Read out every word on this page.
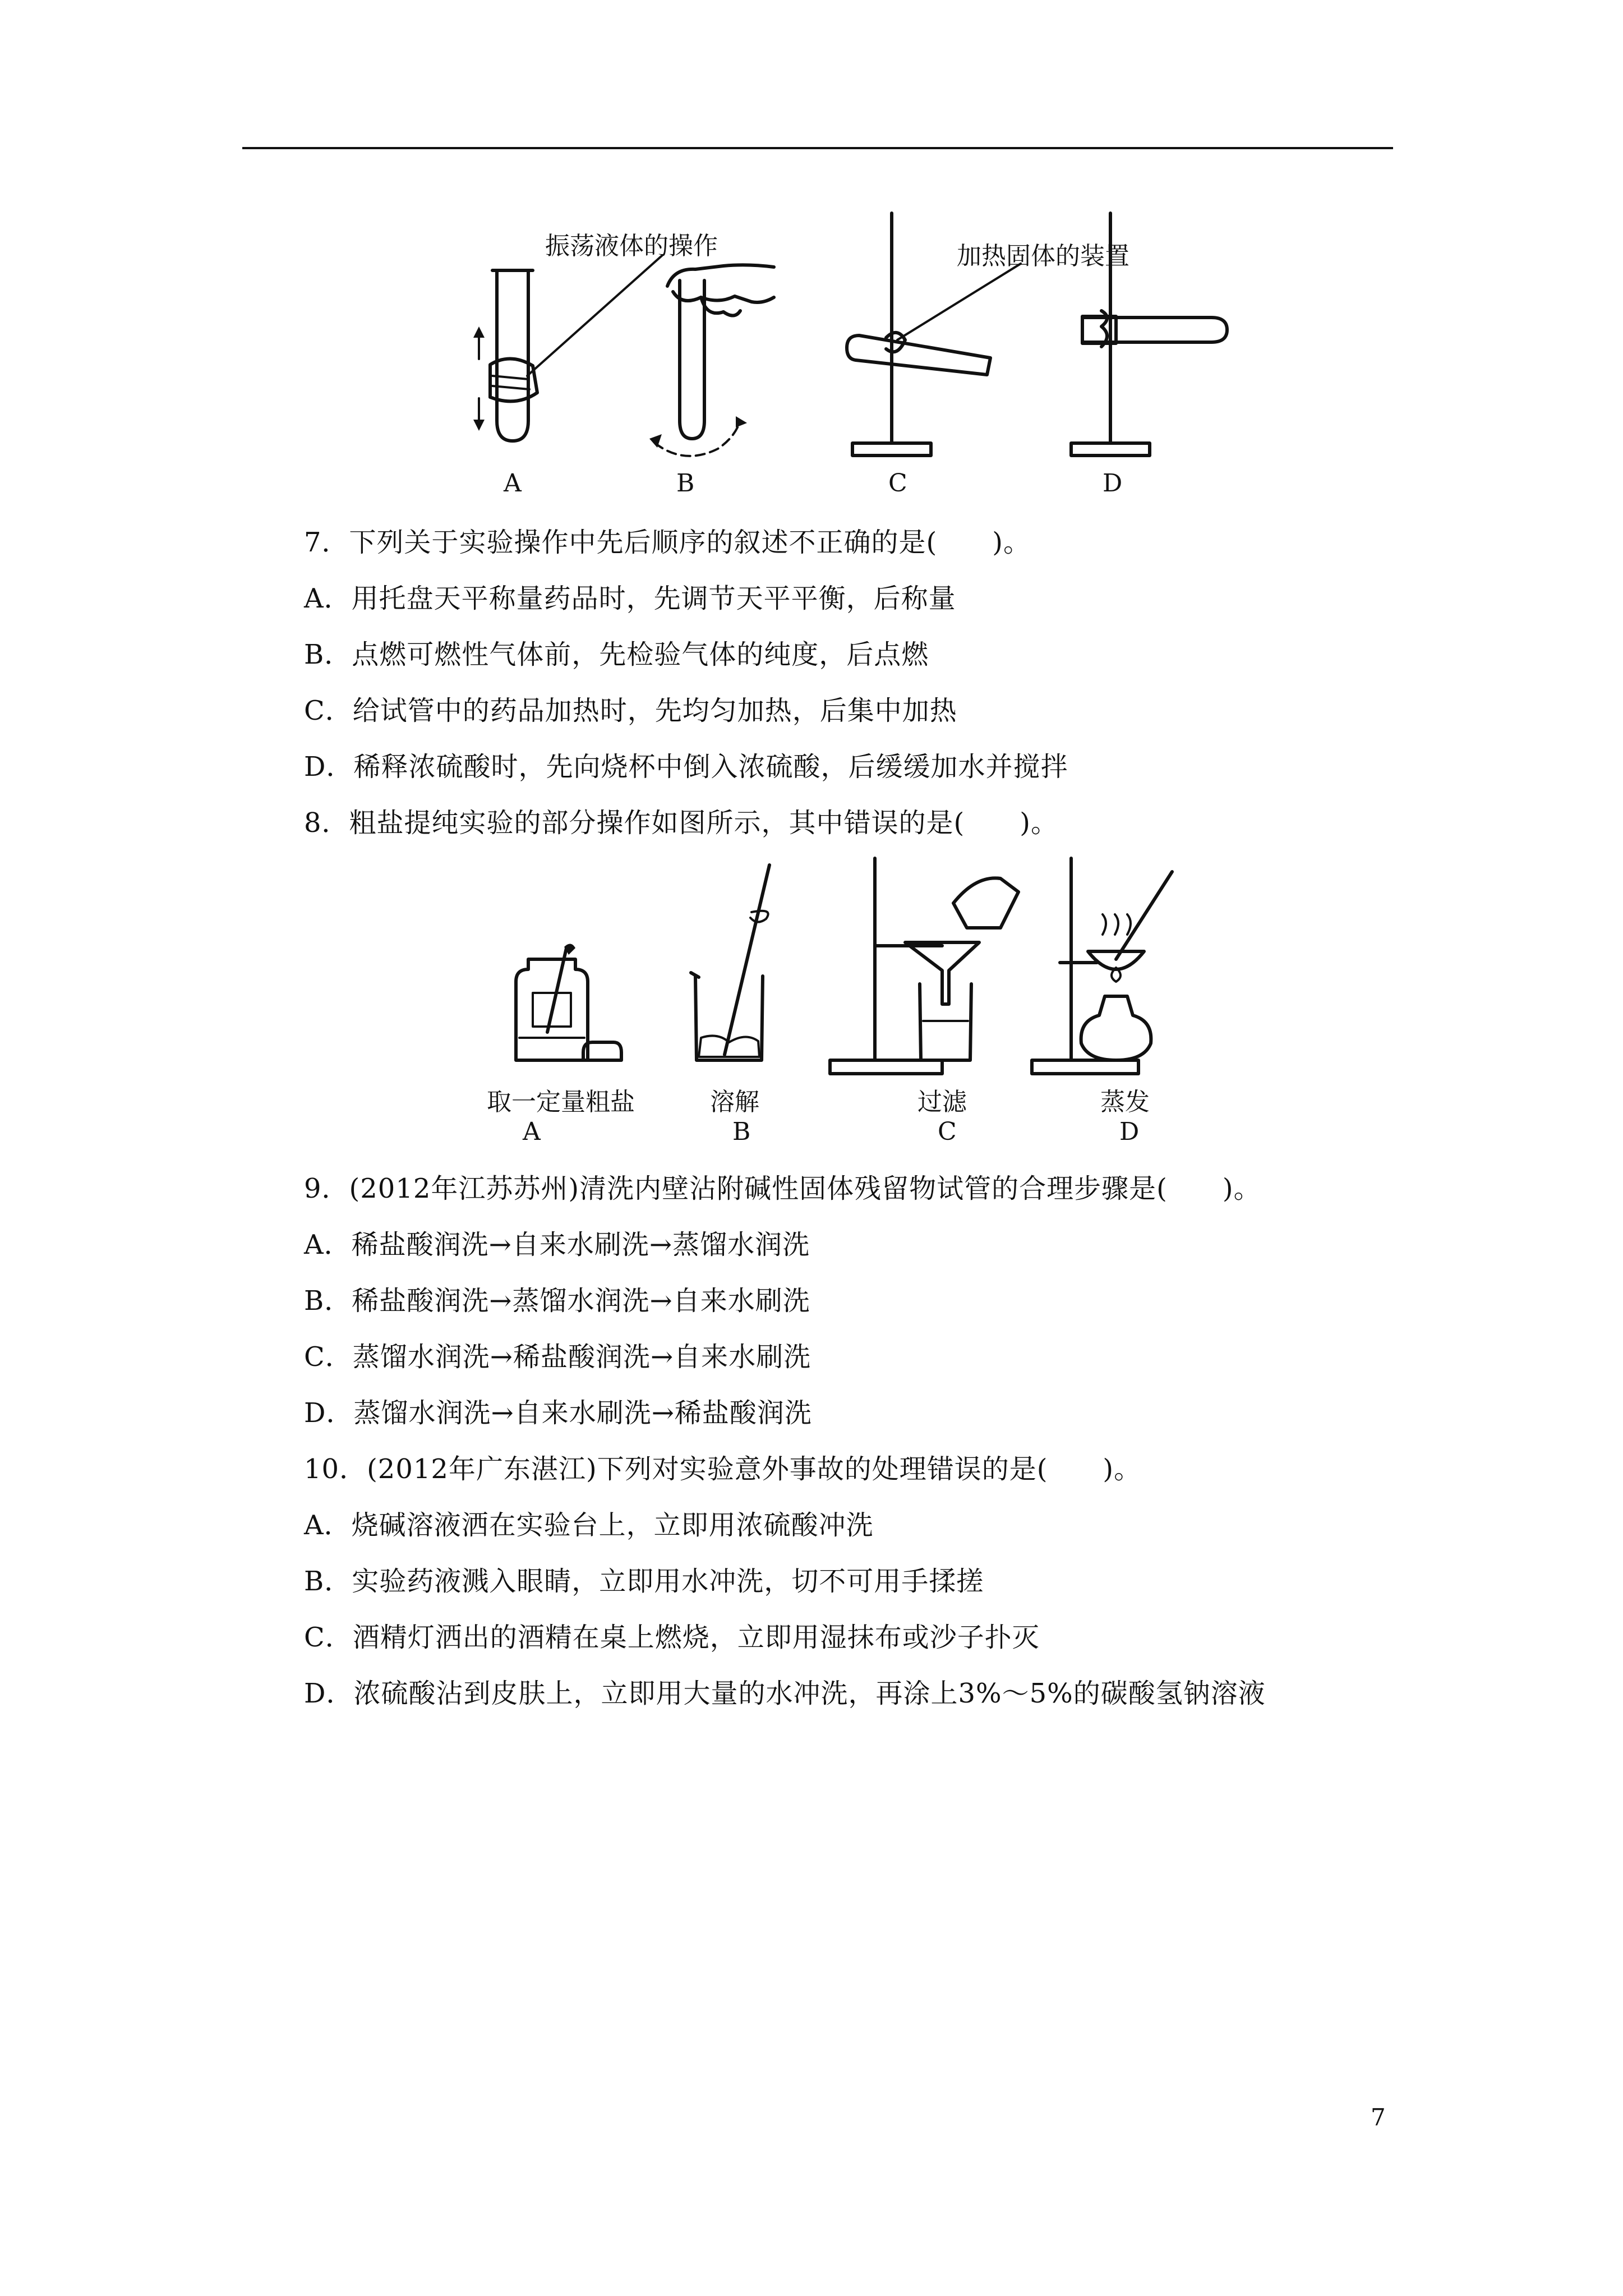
振荡液体的操作	加热固体的装置
A	B	C	D
7．下列关于实验操作中先后顺序的叙述不正确的是(　　)。
A．用托盘天平称量药品时，先调节天平平衡，后称量
B．点燃可燃性气体前，先检验气体的纯度，后点燃
C．给试管中的药品加热时，先均匀加热，后集中加热
D．稀释浓硫酸时，先向烧杯中倒入浓硫酸，后缓缓加水并搅拌
8．粗盐提纯实验的部分操作如图所示，其中错误的是(　　)。
取一定量粗盐	溶解	过滤	蒸发
A	B	C	D
9．(2012年江苏苏州)清洗内壁沾附碱性固体残留物试管的合理步骤是(　　)。
A．稀盐酸润洗→自来水刷洗→蒸馏水润洗
B．稀盐酸润洗→蒸馏水润洗→自来水刷洗
C．蒸馏水润洗→稀盐酸润洗→自来水刷洗
D．蒸馏水润洗→自来水刷洗→稀盐酸润洗
10．(2012年广东湛江)下列对实验意外事故的处理错误的是(　　)。
A．烧碱溶液洒在实验台上，立即用浓硫酸冲洗
B．实验药液溅入眼睛，立即用水冲洗，切不可用手揉搓
C．酒精灯洒出的酒精在桌上燃烧，立即用湿抹布或沙子扑灭
D．浓硫酸沾到皮肤上，立即用大量的水冲洗，再涂上3%～5%的碳酸氢钠溶液
7
